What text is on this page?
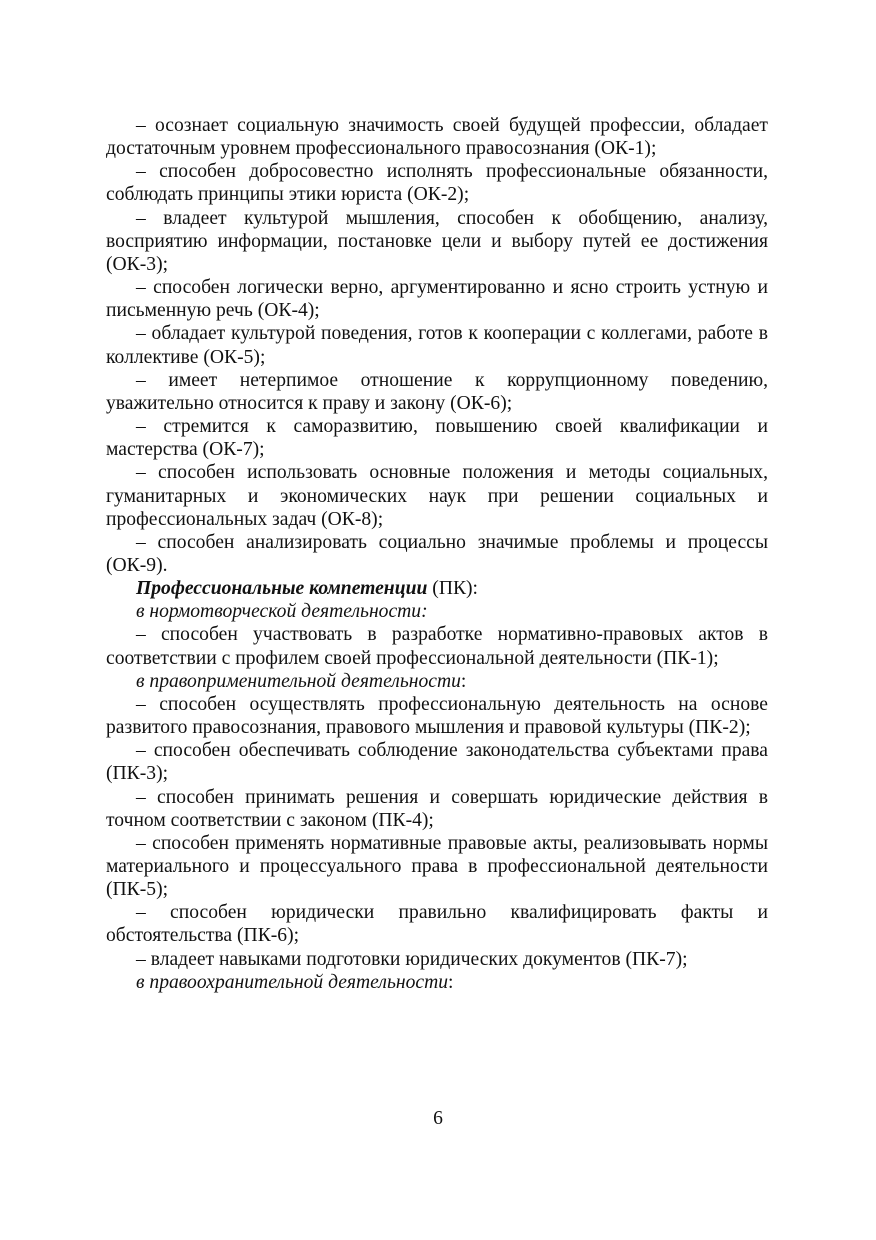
– осознает социальную значимость своей будущей профессии, обладает достаточным уровнем профессионального правосознания (ОК-1);

– способен добросовестно исполнять профессиональные обязанности, соблюдать принципы этики юриста (ОК-2);

– владеет культурой мышления, способен к обобщению, анализу, восприятию информации, постановке цели и выбору путей ее достижения (ОК-3);

– способен логически верно, аргументированно и ясно строить устную и письменную речь (ОК-4);

– обладает культурой поведения, готов к кооперации с коллегами, работе в коллективе (ОК-5);

– имеет нетерпимое отношение к коррупционному поведению, уважительно относится к праву и закону (ОК-6);

– стремится к саморазвитию, повышению своей квалификации и мастерства (ОК-7);

– способен использовать основные положения и методы социальных, гуманитарных и экономических наук при решении социальных и профессиональных задач (ОК-8);

– способен анализировать социально значимые проблемы и процессы (ОК-9).

Профессиональные компетенции (ПК):

в нормотворческой деятельности:

– способен участвовать в разработке нормативно-правовых актов в соответствии с профилем своей профессиональной деятельности (ПК-1);

в правоприменительной деятельности:

– способен осуществлять профессиональную деятельность на основе развитого правосознания, правового мышления и правовой культуры (ПК-2);

– способен обеспечивать соблюдение законодательства субъектами права (ПК-3);

– способен принимать решения и совершать юридические действия в точном соответствии с законом (ПК-4);

– способен применять нормативные правовые акты, реализовывать нормы материального и процессуального права в профессиональной деятельности (ПК-5);

– способен юридически правильно квалифицировать факты и обстоятельства (ПК-6);

– владеет навыками подготовки юридических документов (ПК-7);

в правоохранительной деятельности:

6
